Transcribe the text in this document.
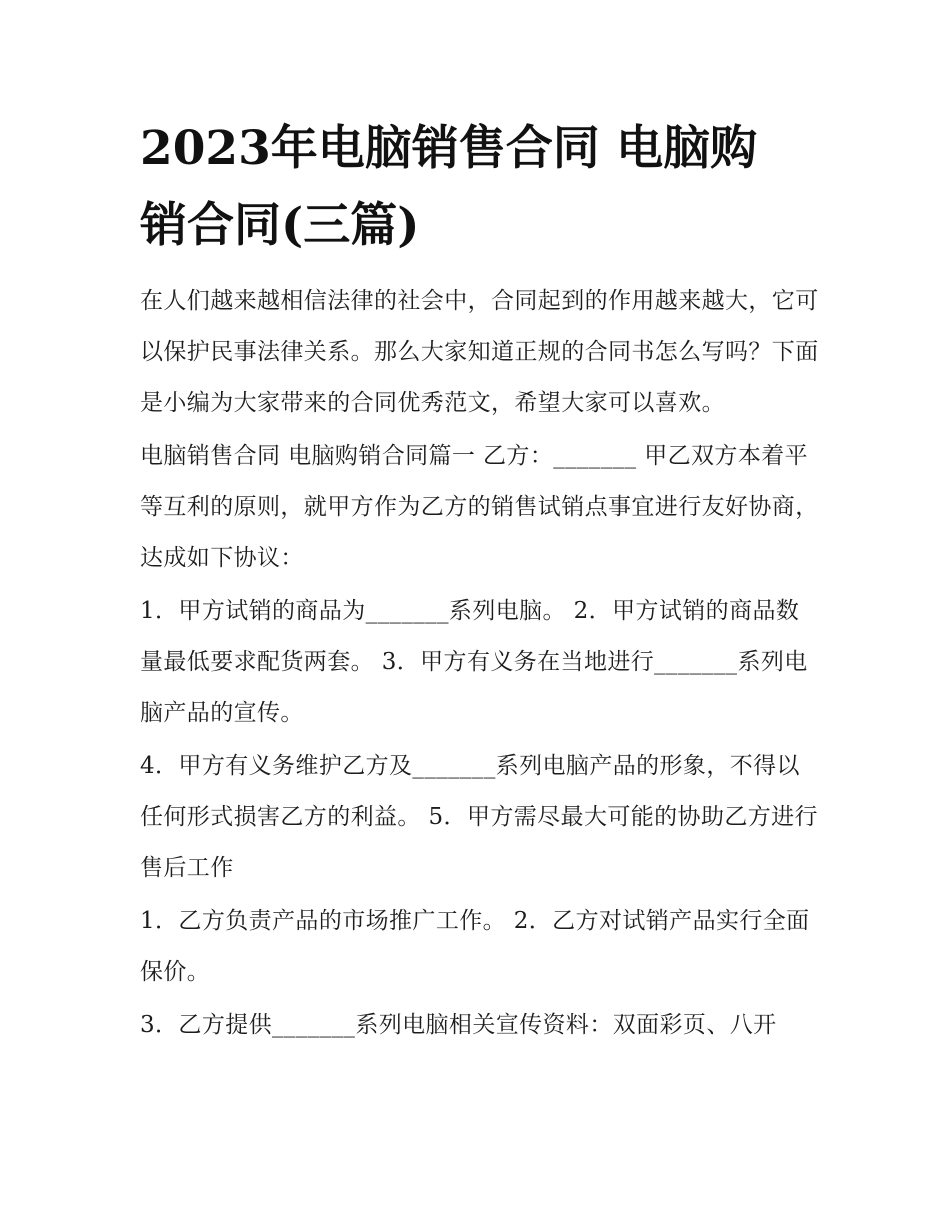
2023年电脑销售合同 电脑购
销合同(三篇)

在人们越来越相信法律的社会中，合同起到的作用越来越大，它可以保护民事法律关系。那么大家知道正规的合同书怎么写吗？下面是小编为大家带来的合同优秀范文，希望大家可以喜欢。

电脑销售合同 电脑购销合同篇一 乙方：_______ 甲乙双方本着平等互利的原则，就甲方作为乙方的销售试销点事宜进行友好协商，达成如下协议：

1．甲方试销的商品为_______系列电脑。 2．甲方试销的商品数量最低要求配货两套。 3．甲方有义务在当地进行_______系列电脑产品的宣传。

4．甲方有义务维护乙方及_______系列电脑产品的形象，不得以任何形式损害乙方的利益。 5．甲方需尽最大可能的协助乙方进行售后工作

1．乙方负责产品的市场推广工作。 2．乙方对试销产品实行全面保价。

3．乙方提供_______系列电脑相关宣传资料：双面彩页、八开
